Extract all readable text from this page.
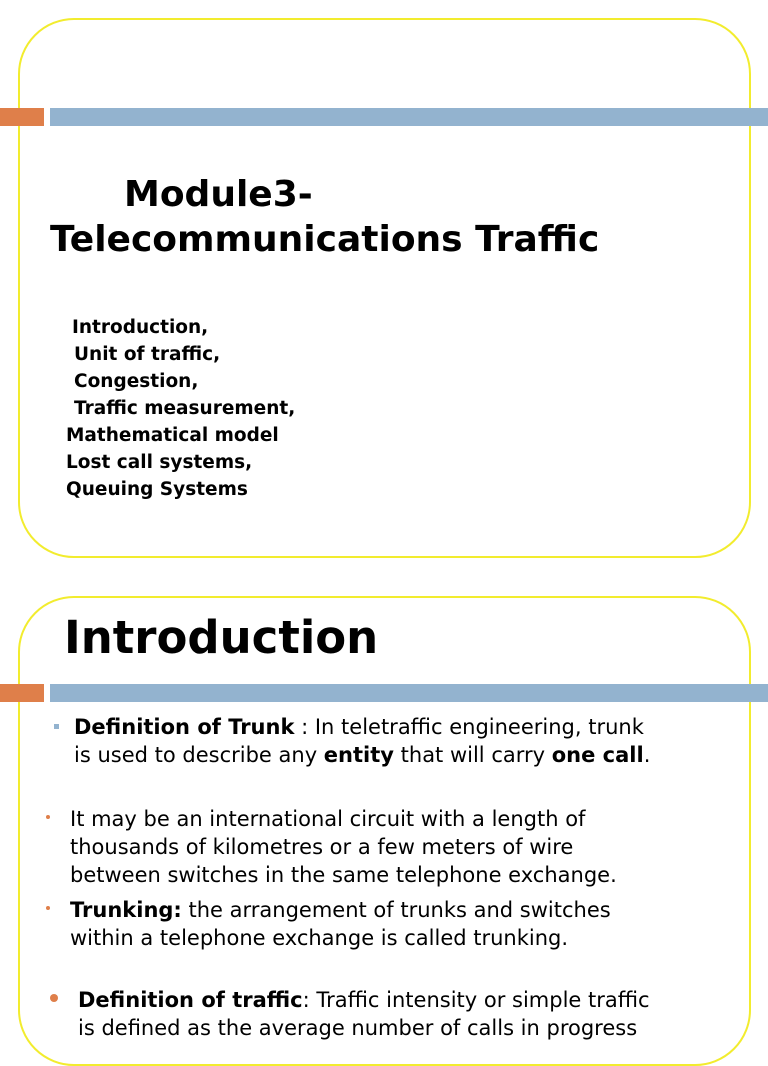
Module3-
Telecommunications Traffic
Introduction,
Unit of traffic,
Congestion,
Traffic measurement,
Mathematical model
Lost call systems,
Queuing Systems
Introduction
Definition of Trunk : In teletraffic engineering, trunk
is used to describe any entity that will carry one call.
It may be an international circuit with a length of
thousands of kilometres or a few meters of wire
between switches in the same telephone exchange.
Trunking: the arrangement of trunks and switches
within a telephone exchange is called trunking.
Definition of traffic: Traffic intensity or simple traffic
is defined as the average number of calls in progress
